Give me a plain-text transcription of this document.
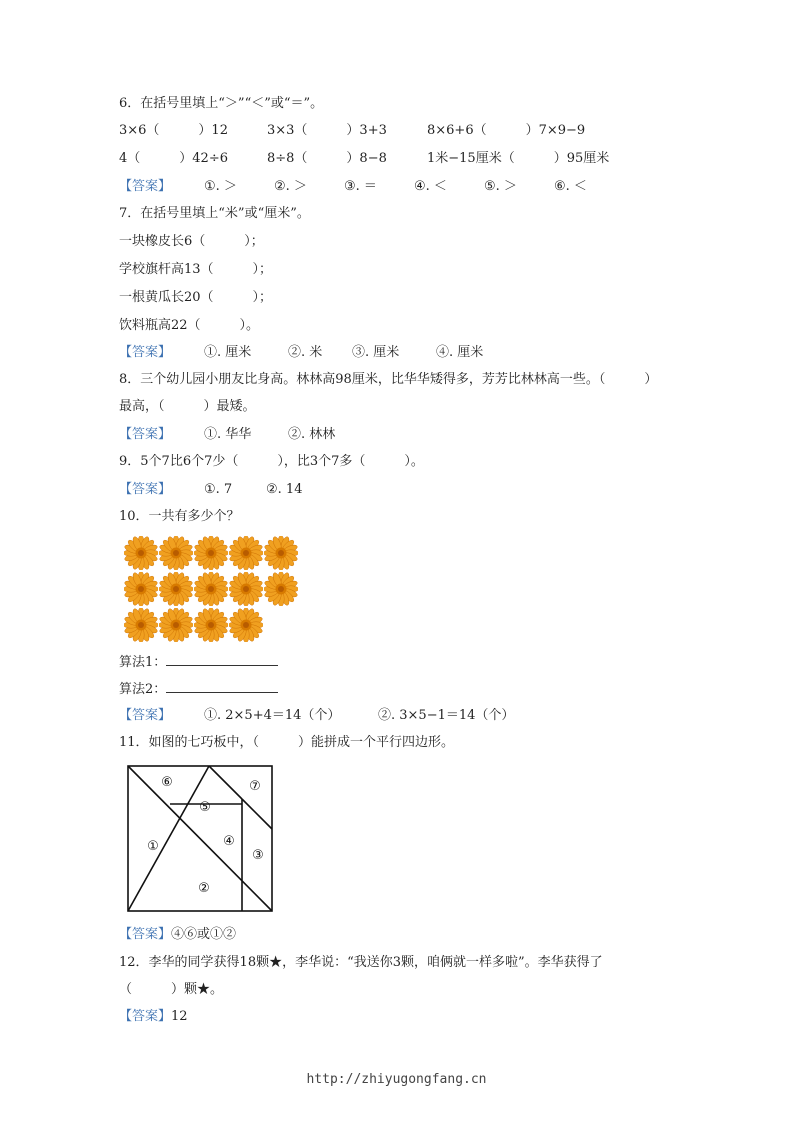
6．在括号里填上“＞”“＜”或“＝”。
3×6（　　　）12	3×3（　　　）3+3	8×6+6（　　　）7×9−9
4（　　　）42÷6	8÷8（　　　）8−8	1米−15厘米（　　　）95厘米
【答案】	①. ＞	②. ＞	③. ＝	④. ＜	⑤. ＞	⑥. ＜
7．在括号里填上“米”或“厘米”。
一块橡皮长6（　　　）；
学校旗杆高13（　　　）；
一根黄瓜长20（　　　）；
饮料瓶高22（　　　）。
【答案】	①. 厘米	②. 米 ③. 厘米	④. 厘米
8．三个幼儿园小朋友比身高。林林高98厘米，比华华矮得多，芳芳比林林高一些。（　　　）
最高，（　　　）最矮。
【答案】	①. 华华	②. 林林
9．5个7比6个7少（　　　），比3个7多（　　　）。
【答案】	①. 7	②. 14
10．一共有多少个？
算法1：
算法2：
【答案】	①. 2×5+4＝14（个）	②. 3×5−1＝14（个）
11．如图的七巧板中，（　　　）能拼成一个平行四边形。
⑥	⑦
⑤
①	④
③
②
【答案】④⑥或①②
12．李华的同学获得18颗★，李华说：“我送你3颗，咱俩就一样多啦”。李华获得了
（　　　）颗★。
【答案】12
http://zhiyugongfang.cn
